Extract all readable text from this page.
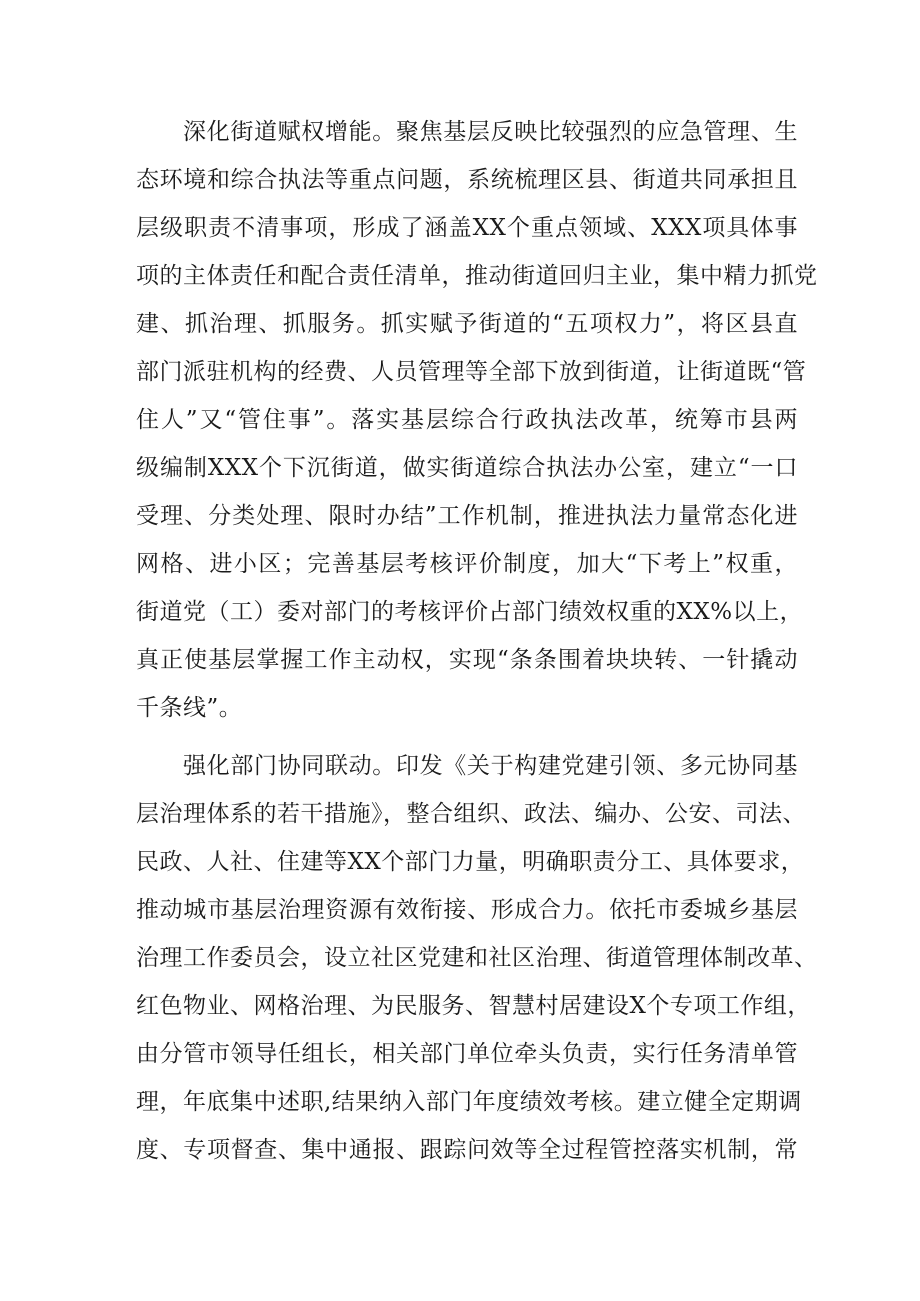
深化街道赋权增能。聚焦基层反映比较强烈的应急管理、生
态环境和综合执法等重点问题，系统梳理区县、街道共同承担且
层级职责不清事项，形成了涵盖XX个重点领域、XXX项具体事
项的主体责任和配合责任清单，推动街道回归主业，集中精力抓党
建、抓治理、抓服务。抓实赋予街道的“五项权力”，将区县直
部门派驻机构的经费、人员管理等全部下放到街道，让街道既“管
住人”又“管住事”。落实基层综合行政执法改革，统筹市县两
级编制XXX个下沉街道，做实街道综合执法办公室，建立“一口
受理、分类处理、限时办结”工作机制，推进执法力量常态化进
网格、进小区；完善基层考核评价制度，加大“下考上”权重，
街道党（工）委对部门的考核评价占部门绩效权重的XX%以上，
真正使基层掌握工作主动权，实现“条条围着块块转、一针撬动
千条线”。
强化部门协同联动。印发《关于构建党建引领、多元协同基
层治理体系的若干措施》，整合组织、政法、编办、公安、司法、
民政、人社、住建等XX个部门力量，明确职责分工、具体要求，
推动城市基层治理资源有效衔接、形成合力。依托市委城乡基层
治理工作委员会，设立社区党建和社区治理、街道管理体制改革、
红色物业、网格治理、为民服务、智慧村居建设X个专项工作组，
由分管市领导任组长，相关部门单位牵头负责，实行任务清单管
理，年底集中述职,结果纳入部门年度绩效考核。建立健全定期调
度、专项督查、集中通报、跟踪问效等全过程管控落实机制，常
